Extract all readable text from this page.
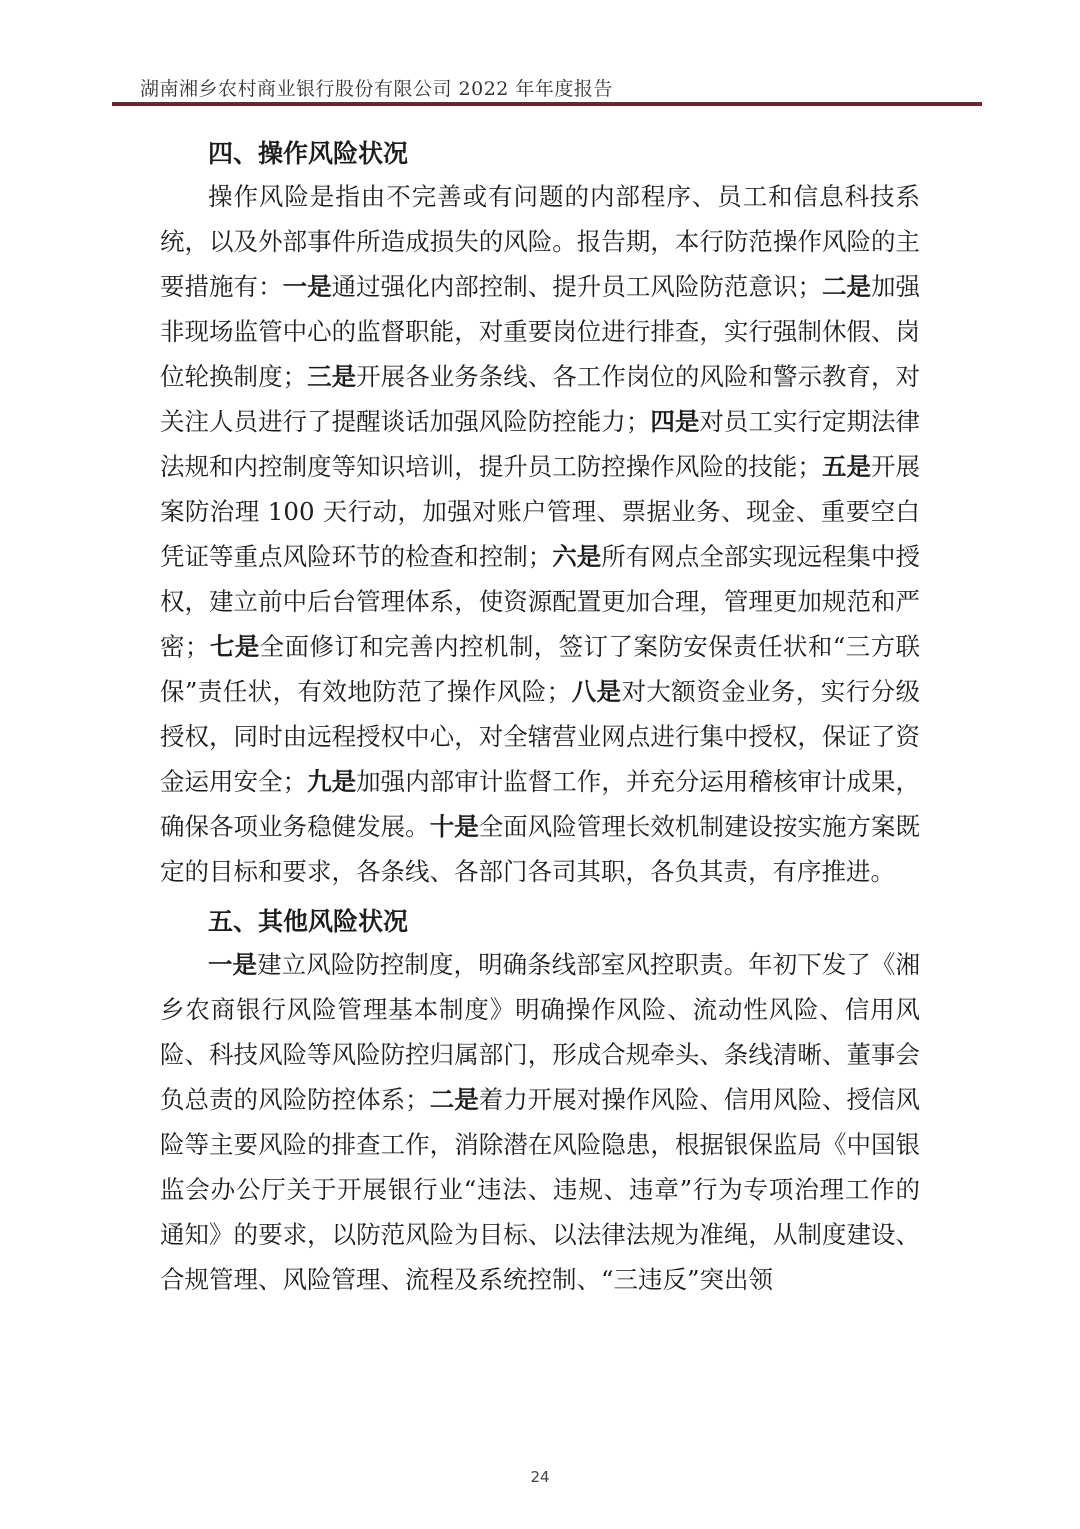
湖南湘乡农村商业银行股份有限公司 2022 年年度报告
四、操作风险状况

操作风险是指由不完善或有问题的内部程序、员工和信息科技系统，以及外部事件所造成损失的风险。报告期，本行防范操作风险的主要措施有：一是通过强化内部控制、提升员工风险防范意识；二是加强非现场监管中心的监督职能，对重要岗位进行排查，实行强制休假、岗位轮换制度；三是开展各业务条线、各工作岗位的风险和警示教育，对关注人员进行了提醒谈话加强风险防控能力；四是对员工实行定期法律法规和内控制度等知识培训，提升员工防控操作风险的技能；五是开展案防治理 100 天行动，加强对账户管理、票据业务、现金、重要空白凭证等重点风险环节的检查和控制；六是所有网点全部实现远程集中授权，建立前中后台管理体系，使资源配置更加合理，管理更加规范和严密；七是全面修订和完善内控机制，签订了案防安保责任状和“三方联保”责任状，有效地防范了操作风险；八是对大额资金业务，实行分级授权，同时由远程授权中心，对全辖营业网点进行集中授权，保证了资金运用安全；九是加强内部审计监督工作，并充分运用稽核审计成果，确保各项业务稳健发展。十是全面风险管理长效机制建设按实施方案既定的目标和要求，各条线、各部门各司其职，各负其责，有序推进。

五、其他风险状况

一是建立风险防控制度，明确条线部室风控职责。年初下发了《湘乡农商银行风险管理基本制度》明确操作风险、流动性风险、信用风险、科技风险等风险防控归属部门，形成合规牵头、条线清晰、董事会负总责的风险防控体系；二是着力开展对操作风险、信用风险、授信风险等主要风险的排查工作，消除潜在风险隐患，根据银保监局《中国银监会办公厅关于开展银行业“违法、违规、违章”行为专项治理工作的通知》的要求，以防范风险为目标、以法律法规为准绳，从制度建设、合规管理、风险管理、流程及系统控制、“三违反”突出领

24
